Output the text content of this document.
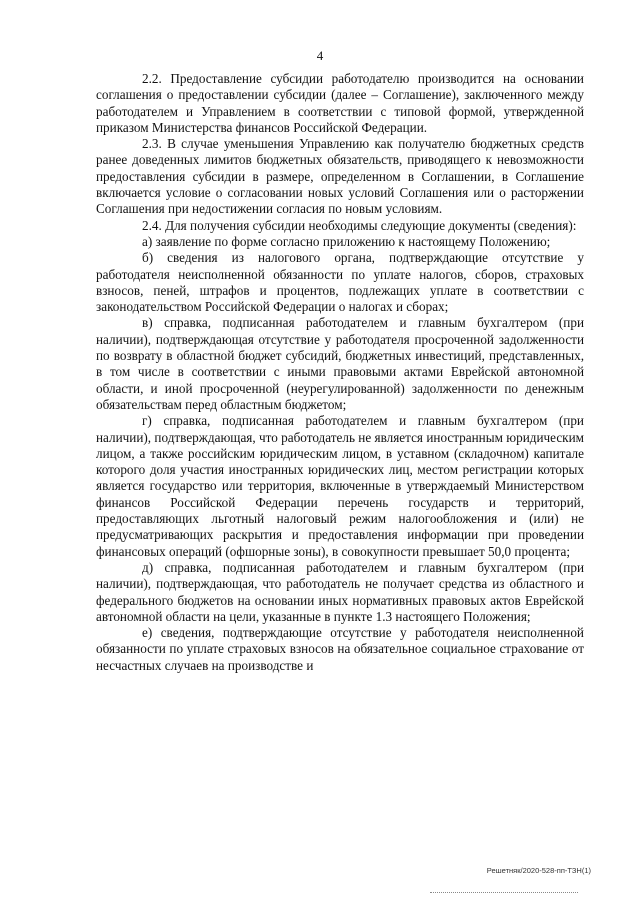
4

2.2. Предоставление субсидии работодателю производится на основании соглашения о предоставлении субсидии (далее – Соглашение), заключенного между работодателем и Управлением в соответствии с типовой формой, утвержденной приказом Министерства финансов Российской Федерации.

2.3. В случае уменьшения Управлению как получателю бюджетных средств ранее доведенных лимитов бюджетных обязательств, приводящего к невозможности предоставления субсидии в размере, определенном в Соглашении, в Соглашение включается условие о согласовании новых условий Соглашения или о расторжении Соглашения при недостижении согласия по новым условиям.

2.4. Для получения субсидии необходимы следующие документы (сведения):

а) заявление по форме согласно приложению к настоящему Положению;

б) сведения из налогового органа, подтверждающие отсутствие у работодателя неисполненной обязанности по уплате налогов, сборов, страховых взносов, пеней, штрафов и процентов, подлежащих уплате в соответствии с законодательством Российской Федерации о налогах и сборах;

в) справка, подписанная работодателем и главным бухгалтером (при наличии), подтверждающая отсутствие у работодателя просроченной задолженности по возврату в областной бюджет субсидий, бюджетных инвестиций, представленных, в том числе в соответствии с иными правовыми актами Еврейской автономной области, и иной просроченной (неурегулированной) задолженности по денежным обязательствам перед областным бюджетом;

г) справка, подписанная работодателем и главным бухгалтером (при наличии), подтверждающая, что работодатель не является иностранным юридическим лицом, а также российским юридическим лицом, в уставном (складочном) капитале которого доля участия иностранных юридических лиц, местом регистрации которых является государство или территория, включенные в утверждаемый Министерством финансов Российской Федерации перечень государств и территорий, предоставляющих льготный налоговый режим налогообложения и (или) не предусматривающих раскрытия и предоставления информации при проведении финансовых операций (офшорные зоны), в совокупности превышает 50,0 процента;

д) справка, подписанная работодателем и главным бухгалтером (при наличии), подтверждающая, что работодатель не получает средства из областного и федерального бюджетов на основании иных нормативных правовых актов Еврейской автономной области на цели, указанные в пункте 1.3 настоящего Положения;

е) сведения, подтверждающие отсутствие у работодателя неисполненной обязанности по уплате страховых взносов на обязательное социальное страхование от несчастных случаев на производстве и

Решетняк/2020-528-пп-ТЗН(1)
